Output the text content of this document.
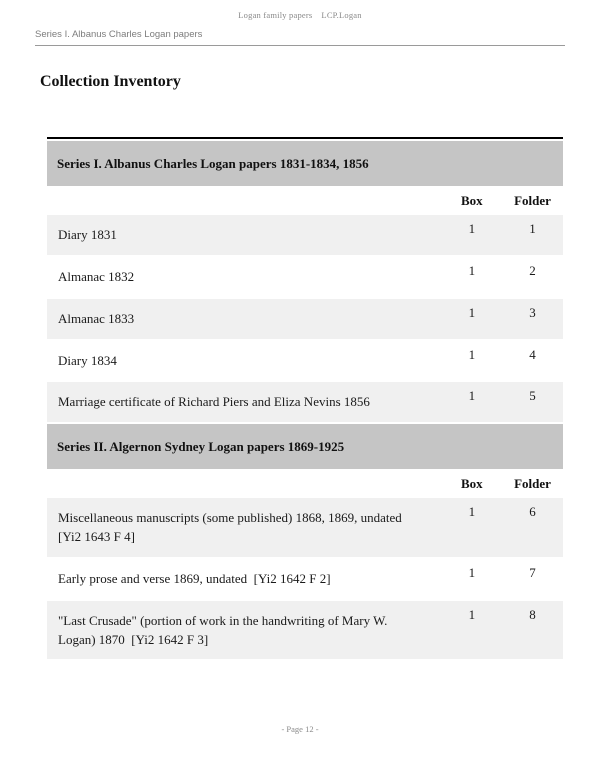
Logan family papers LCP.Logan
Series I. Albanus Charles Logan papers
Collection Inventory
Series I. Albanus Charles Logan papers 1831-1834, 1856		
	Box	Folder
Diary 1831	1	1
Almanac 1832	1	2
Almanac 1833	1	3
Diary 1834	1	4
Marriage certificate of Richard Piers and Eliza Nevins 1856	1	5
Series II. Algernon Sydney Logan papers 1869-1925		
	Box	Folder
Miscellaneous manuscripts (some published) 1868, 1869, undated  [Yi2 1643 F 4]	1	6
Early prose and verse 1869, undated  [Yi2 1642 F 2]	1	7
"Last Crusade" (portion of work in the handwriting of Mary W. Logan) 1870  [Yi2 1642 F 3]	1	8
- Page 12 -
